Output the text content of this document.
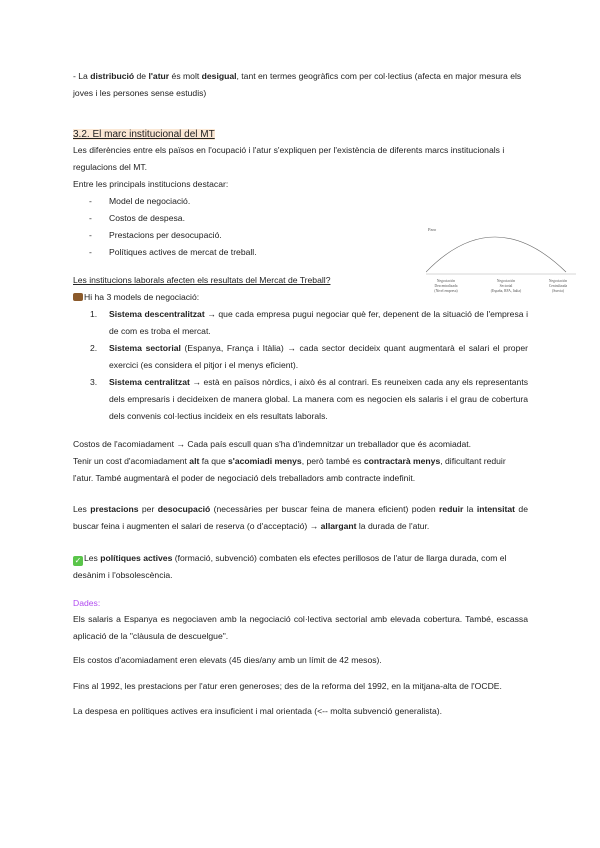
- La distribució de l'atur és molt desigual, tant en termes geogràfics com per col·lectius (afecta en major mesura els joves i les persones sense estudis)
3.2. El marc institucional del MT
Les diferències entre els països en l'ocupació i l'atur s'expliquen per l'existència de diferents marcs institucionals i regulacions del MT.
Entre les principals institucions destacar:
- Model de negociació.
- Costos de despesa.
- Prestacions per desocupació.
- Polítiques actives de mercat de treball.
Les institucions laborals afecten els resultats del Mercat de Treball?
Hi ha 3 models de negociació:
Paro
Negociación
Descentralizada
(Nivel empresa)
Negociación
Sectorial
(España, RFA, Italia)
Negociación
Centralizada
(Suecia)
1. Sistema descentralitzat → que cada empresa pugui negociar què fer, depenent de la situació de l'empresa i de com es troba el mercat.
2. Sistema sectorial (Espanya, França i Itàlia) → cada sector decideix quant augmentarà el salari el proper exercici (es considera el pitjor i el menys eficient).
3. Sistema centralitzat → està en països nòrdics, i això és al contrari. Es reuneixen cada any els representants dels empresaris i decideixen de manera global. La manera com es negocien els salaris i el grau de cobertura dels convenis col·lectius incideix en els resultats laborals.
Costos de l'acomiadament → Cada país escull quan s'ha d'indemnitzar un treballador que és acomiadat.
Tenir un cost d'acomiadament alt fa que s'acomiadi menys, però també es contractarà menys, dificultant reduir l'atur. També augmentarà el poder de negociació dels treballadors amb contracte indefinit.
Les prestacions per desocupació (necessàries per buscar feina de manera eficient) poden reduir la intensitat de buscar feina i augmenten el salari de reserva (o d'acceptació) → allargant la durada de l'atur.
✓ Les polítiques actives (formació, subvenció) combaten els efectes perillosos de l'atur de llarga durada, com el desànim i l'obsolescència.
Dades:
Els salaris a Espanya es negociaven amb la negociació col·lectiva sectorial amb elevada cobertura. També, escassa aplicació de la "clàusula de descuelgue".
Els costos d'acomiadament eren elevats (45 dies/any amb un límit de 42 mesos).
Fins al 1992, les prestacions per l'atur eren generoses; des de la reforma del 1992, en la mitjana-alta de l'OCDE.
La despesa en polítiques actives era insuficient i mal orientada (<-- molta subvenció generalista).
